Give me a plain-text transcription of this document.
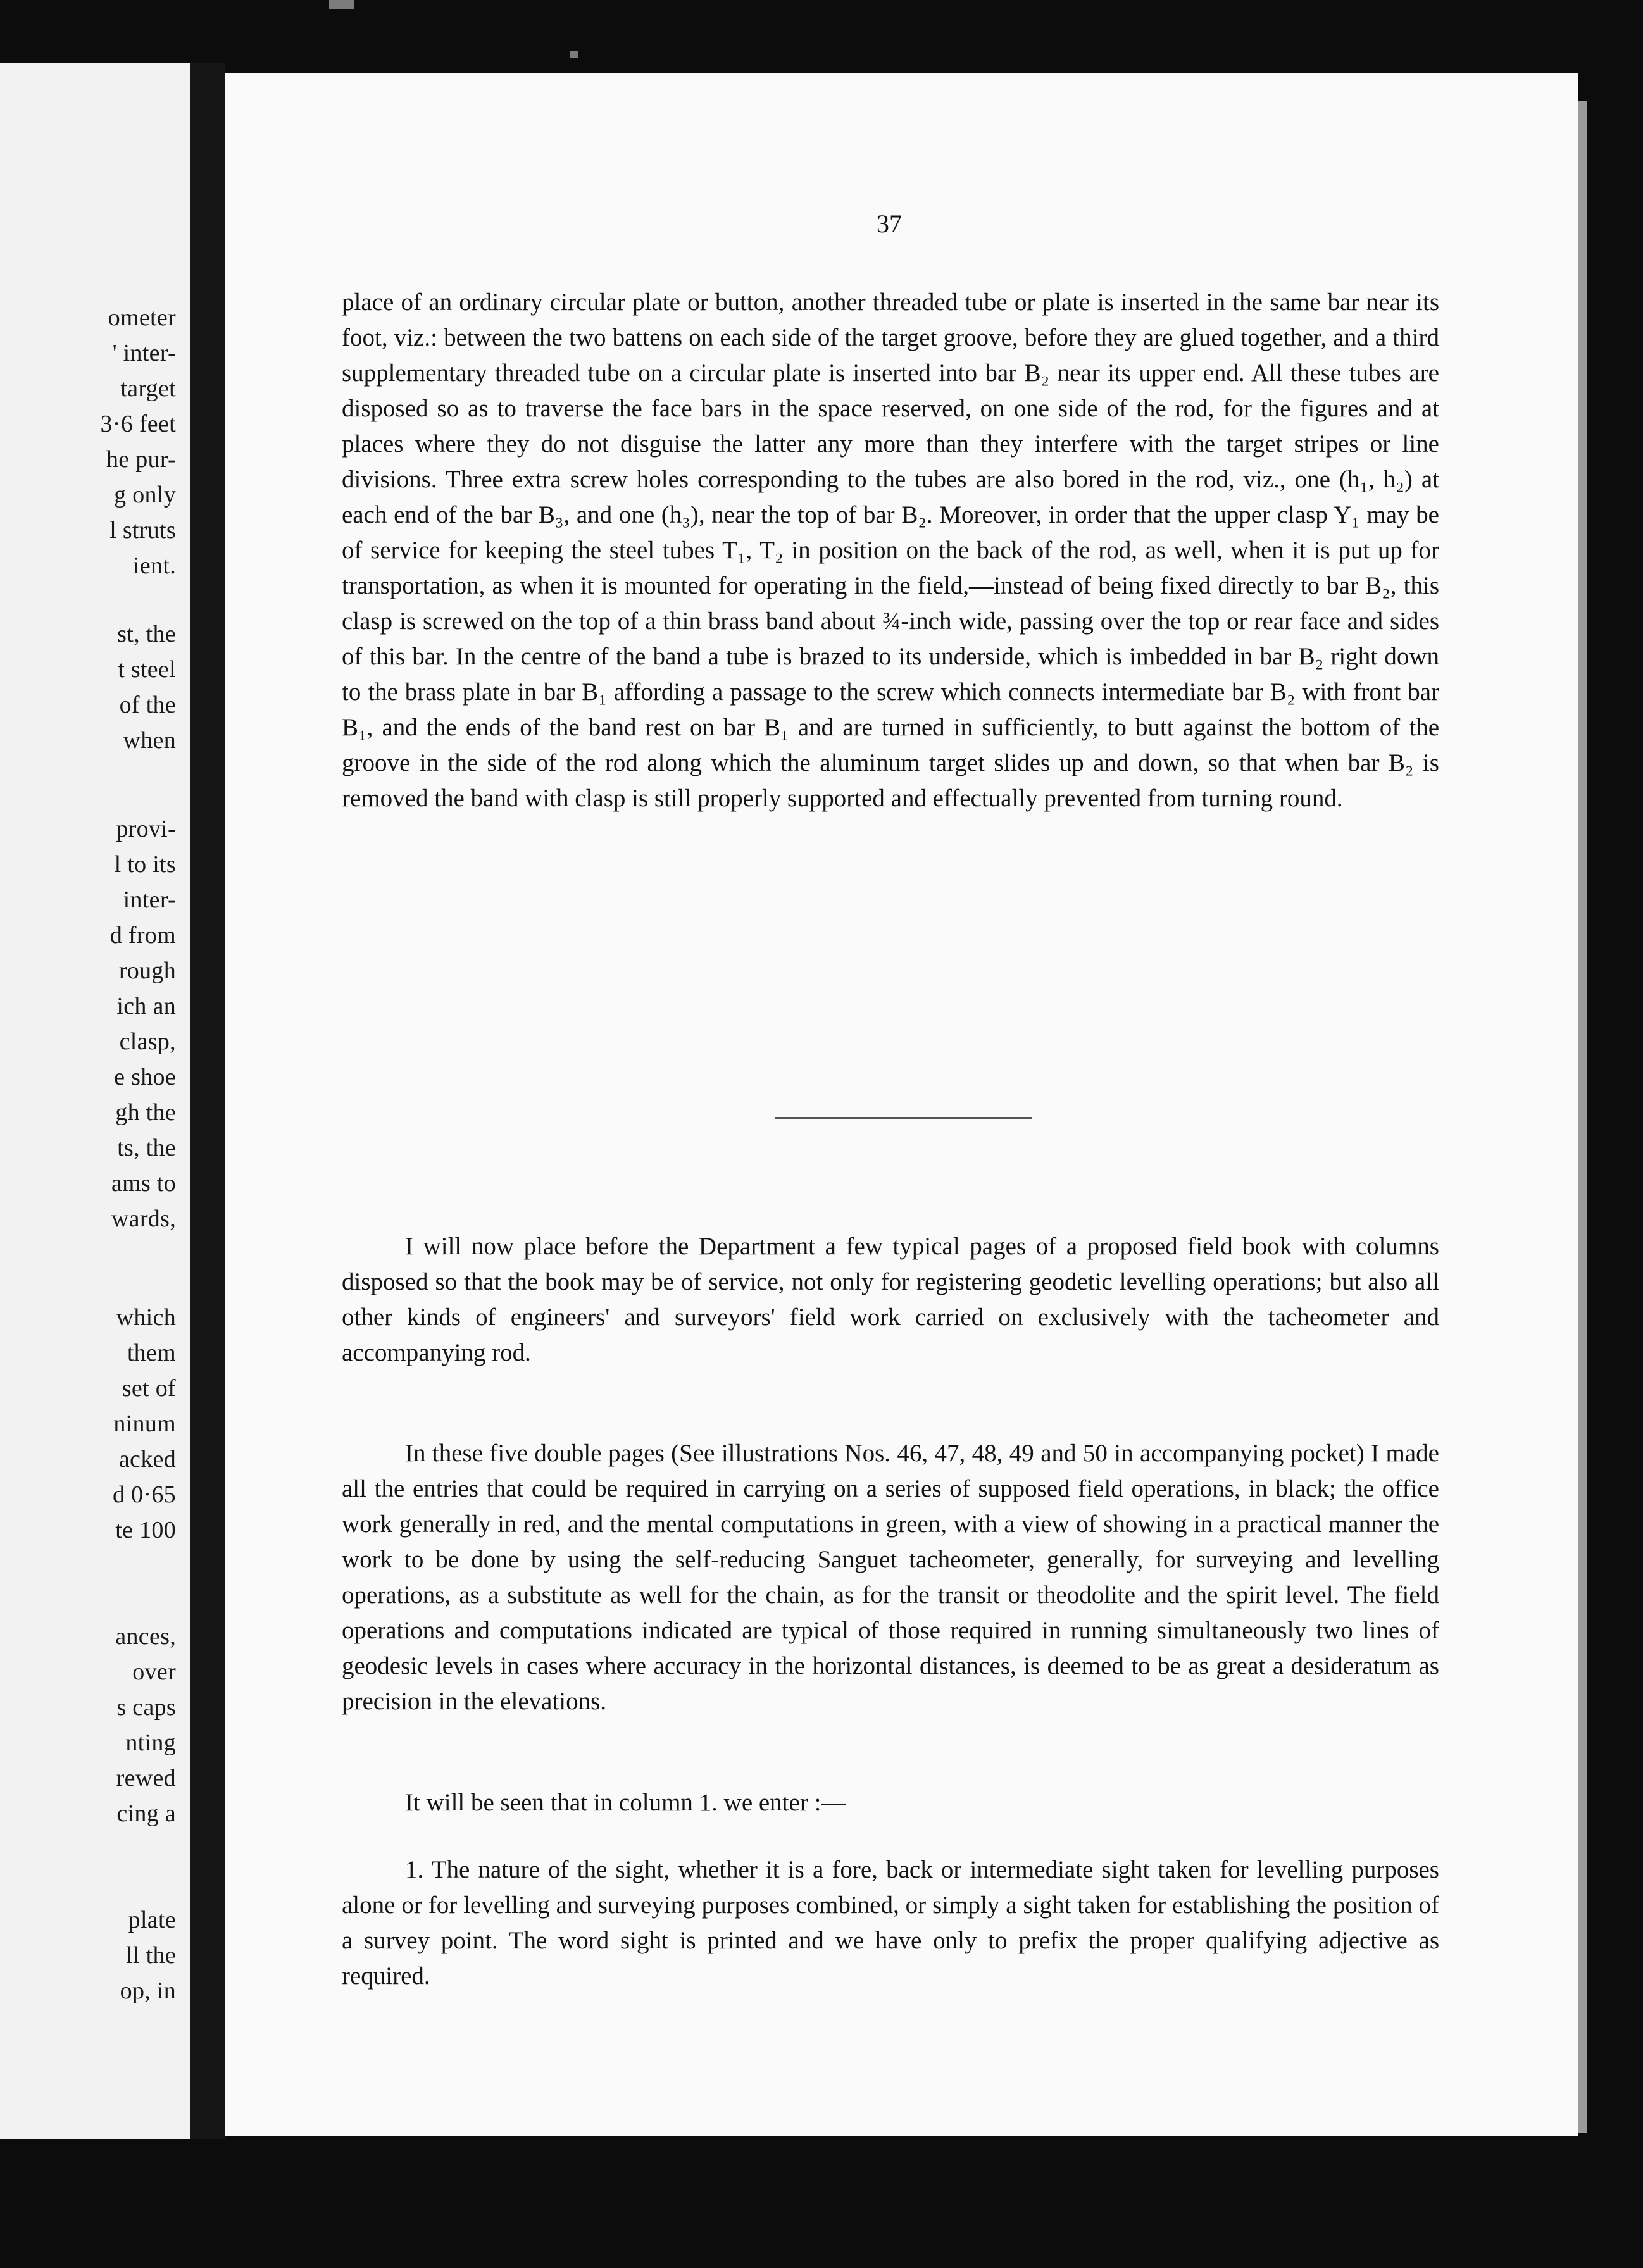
ometer
' inter-
target
3·6 feet
he pur-
g only
l struts
ient.
st, the
t steel
of the
when
provi-
l to its
inter-
d from
rough
ich an
clasp,
e shoe
gh the
ts, the
ams to
wards,
which
them
set of
ninum
acked
d 0·65
te 100
ances,
over
s caps
nting
rewed
cing a
plate
ll the
op, in
37

place of an ordinary circular plate or button, another threaded tube or plate is inserted in the same bar near its foot, viz.: between the two battens on each side of the target groove, before they are glued together, and a third supplementary threaded tube on a circular plate is inserted into bar B₂ near its upper end. All these tubes are disposed so as to traverse the face bars in the space reserved, on one side of the rod, for the figures and at places where they do not disguise the latter any more than they interfere with the target stripes or line divisions. Three extra screw holes corresponding to the tubes are also bored in the rod, viz., one (h₁, h₂) at each end of the bar B₃, and one (h₃), near the top of bar B₂. Moreover, in order that the upper clasp Y₁ may be of service for keeping the steel tubes T₁, T₂ in position on the back of the rod, as well, when it is put up for transportation, as when it is mounted for operating in the field,—instead of being fixed directly to bar B₂, this clasp is screwed on the top of a thin brass band about ¾-inch wide, passing over the top or rear face and sides of this bar. In the centre of the band a tube is brazed to its underside, which is imbedded in bar B₂ right down to the brass plate in bar B₁ affording a passage to the screw which connects intermediate bar B₂ with front bar B₁, and the ends of the band rest on bar B₁ and are turned in sufficiently, to butt against the bottom of the groove in the side of the rod along which the aluminum target slides up and down, so that when bar B₂ is removed the band with clasp is still properly supported and effectually prevented from turning round.

I will now place before the Department a few typical pages of a proposed field book with columns disposed so that the book may be of service, not only for registering geodetic levelling operations; but also all other kinds of engineers' and surveyors' field work carried on exclusively with the tacheometer and accompanying rod.

In these five double pages (See illustrations Nos. 46, 47, 48, 49 and 50 in accompanying pocket) I made all the entries that could be required in carrying on a series of supposed field operations, in black; the office work generally in red, and the mental computations in green, with a view of showing in a practical manner the work to be done by using the self-reducing Sanguet tacheometer, generally, for surveying and levelling operations, as a substitute as well for the chain, as for the transit or theodolite and the spirit level. The field operations and computations indicated are typical of those required in running simultaneously two lines of geodesic levels in cases where accuracy in the horizontal distances, is deemed to be as great a desideratum as precision in the elevations.

It will be seen that in column 1. we enter :—

1. The nature of the sight, whether it is a fore, back or intermediate sight taken for levelling purposes alone or for levelling and surveying purposes combined, or simply a sight taken for establishing the position of a survey point. The word sight is printed and we have only to prefix the proper qualifying adjective as required.
